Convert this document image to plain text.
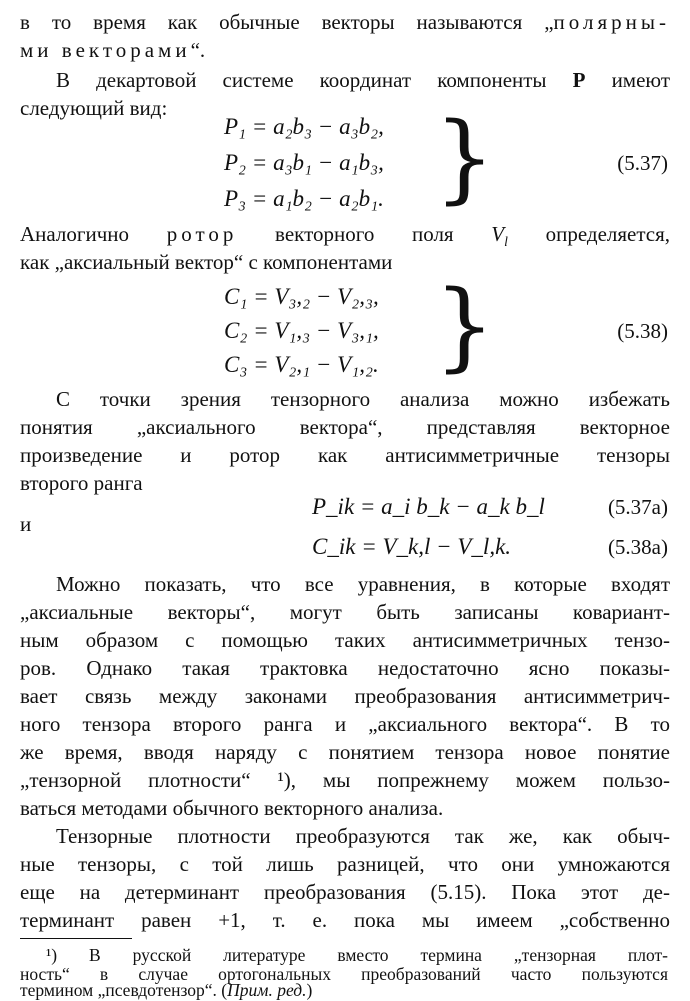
в то время как обычные векторы называются „полярны-
ми векторами“.
В декартовой системе координат компоненты P имеют
следующий вид:
P₁ = a₂b₃ − a₃b₂,
P₂ = a₃b₁ − a₁b₃,
P₃ = a₁b₂ − a₂b₁. }	(5.37)
Аналогично ротор векторного поля $V_l$ определяется,
как „аксиальный вектор“ с компонентами
C₁ = V₃,₂ − V₂,₃,
C₂ = V₁,₃ − V₃,₁,
C₃ = V₂,₁ − V₁,₂. }	(5.38)
С точки зрения тензорного анализа можно избежать
понятия „аксиального вектора“, представляя векторное
произведение и ротор как антисимметричные тензоры
второго ранга
P_ik = a_i b_k − a_k b_l	(5.37a)
и
C_ik = V_k,l − V_l,k.	(5.38a)
Можно показать, что все уравнения, в которые входят
„аксиальные векторы“, могут быть записаны ковариант-
ным образом с помощью таких антисимметричных тензо-
ров. Однако такая трактовка недостаточно ясно показы-
вает связь между законами преобразования антисимметрич-
ного тензора второго ранга и „аксиального вектора“. В то
же время, вводя наряду с понятием тензора новое понятие
„тензорной плотности“ ¹), мы попрежнему можем пользо-
ваться методами обычного векторного анализа.
Тензорные плотности преобразуются так же, как обыч-
ные тензоры, с той лишь разницей, что они умножаются
еще на детерминант преобразования (5.15). Пока этот де-
терминант равен +1, т. е. пока мы имеем „собственно
¹) В русской литературе вместо термина „тензорная плот-
ность“ в случае ортогональных преобразований часто пользуются
термином „псевдотензор“. (Прим. ред.)
